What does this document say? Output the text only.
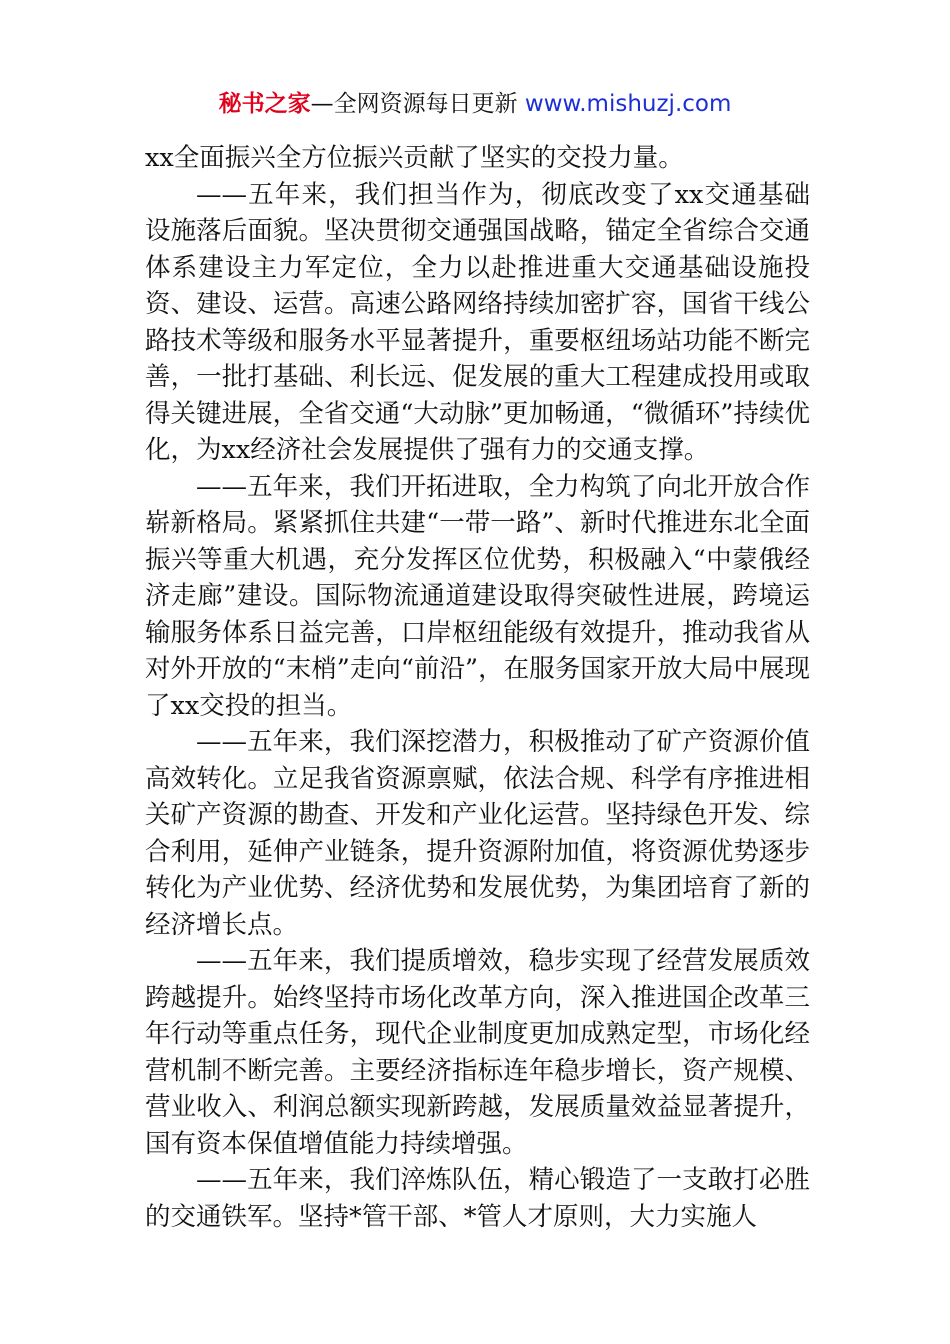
秘书之家—全网资源每日更新 www.mishuzj.com

xx全面振兴全方位振兴贡献了坚实的交投力量。

——五年来，我们担当作为，彻底改变了xx交通基础设施落后面貌。坚决贯彻交通强国战略，锚定全省综合交通体系建设主力军定位，全力以赴推进重大交通基础设施投资、建设、运营。高速公路网络持续加密扩容，国省干线公路技术等级和服务水平显著提升，重要枢纽场站功能不断完善，一批打基础、利长远、促发展的重大工程建成投用或取得关键进展，全省交通“大动脉”更加畅通，“微循环”持续优化，为xx经济社会发展提供了强有力的交通支撑。

——五年来，我们开拓进取，全力构筑了向北开放合作崭新格局。紧紧抓住共建“一带一路”、新时代推进东北全面振兴等重大机遇，充分发挥区位优势，积极融入“中蒙俄经济走廊”建设。国际物流通道建设取得突破性进展，跨境运输服务体系日益完善，口岸枢纽能级有效提升，推动我省从对外开放的“末梢”走向“前沿”，在服务国家开放大局中展现了xx交投的担当。

——五年来，我们深挖潜力，积极推动了矿产资源价值高效转化。立足我省资源禀赋，依法合规、科学有序推进相关矿产资源的勘查、开发和产业化运营。坚持绿色开发、综合利用，延伸产业链条，提升资源附加值，将资源优势逐步转化为产业优势、经济优势和发展优势，为集团培育了新的经济增长点。

——五年来，我们提质增效，稳步实现了经营发展质效跨越提升。始终坚持市场化改革方向，深入推进国企改革三年行动等重点任务，现代企业制度更加成熟定型，市场化经营机制不断完善。主要经济指标连年稳步增长，资产规模、营业收入、利润总额实现新跨越，发展质量效益显著提升，国有资本保值增值能力持续增强。

——五年来，我们淬炼队伍，精心锻造了一支敢打必胜的交通铁军。坚持*管干部、*管人才原则，大力实施人
